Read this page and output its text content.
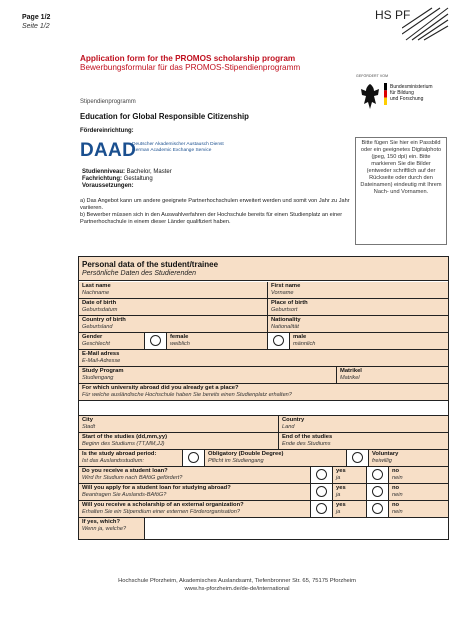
Page 1/2
Seite 1/2
HS PF
Application form for the PROMOS scholarship program
Bewerbungsformular für das PROMOS-Stipendienprogramm
GEFÖRDERT VOM
Bundesministerium
für Bildung
und Forschung
Stipendienprogramm
Education for Global Responsible Citizenship
Fördereinrichtung:
DAAD
Deutscher Akademischer Austausch Dienst
German Academic Exchange Service
Studienniveau: Bachelor, Master
Fachrichtung: Gestaltung
Voraussetzungen:
a) Das Angebot kann um andere geeignete Partnerhochschulen erweitert werden und somit von Jahr zu Jahr variieren.
b) Bewerber müssen sich in den Auswahlverfahren der Hochschule bereits für einen Studienplatz an einer Partnerhochschule in einem dieser Länder qualifiziert haben.
Bitte fügen Sie hier ein Passbild oder ein geeignetes Digitalphoto (jpeg, 150 dpi) ein. Bitte markieren Sie die Bilder (entweder schriftlich auf der Rückseite oder durch den Dateinamen) eindeutig mit Ihrem Nach- und Vornamen.
Personal data of the student/trainee
Persönliche Daten des Studierenden
Last name
Nachname
First name
Vorname
Date of birth
Geburtsdatum
Place of birth
Geburtsort
Country of birth
Geburtsland
Nationality
Nationalität
Gender
Geschlecht
female
weiblich
male
männlich
E-Mail adress
E-Mail-Adresse
Study Program
Studiengang
Matrikel
Matrikel
For which university abroad did you already get a place?
Für welche ausländische Hochschule haben Sie bereits einen Studienplatz erhalten?
City
Stadt
Country
Land
Start of the studies (dd,mm,yy)
Beginn des Studiums (TT,MM,JJ)
End of the studies
Ende des Studiums
Is the study abroad period:
Ist das Auslandsstudium:
Obligatory (Double Degree)
Pflicht im Studiengang
Voluntary
freiwillig
Do you receive a student loan?
Wird Ihr Studium nach BAföG gefördert?
yes
ja
no
nein
Will you apply for a student loan for studying abroad?
Beantragen Sie Auslands-BAföG?
yes
ja
no
nein
Will you receive a scholarship of an external organization?
Erhalten Sie ein Stipendium einer externen Förderorganisation?
yes
ja
no
nein
If yes, which?
Wenn ja, welche?
Hochschule Pforzheim, Akademisches Auslandsamt, Tiefenbronner Str. 65, 75175 Pforzheim
www.hs-pforzheim.de/de-de/international
